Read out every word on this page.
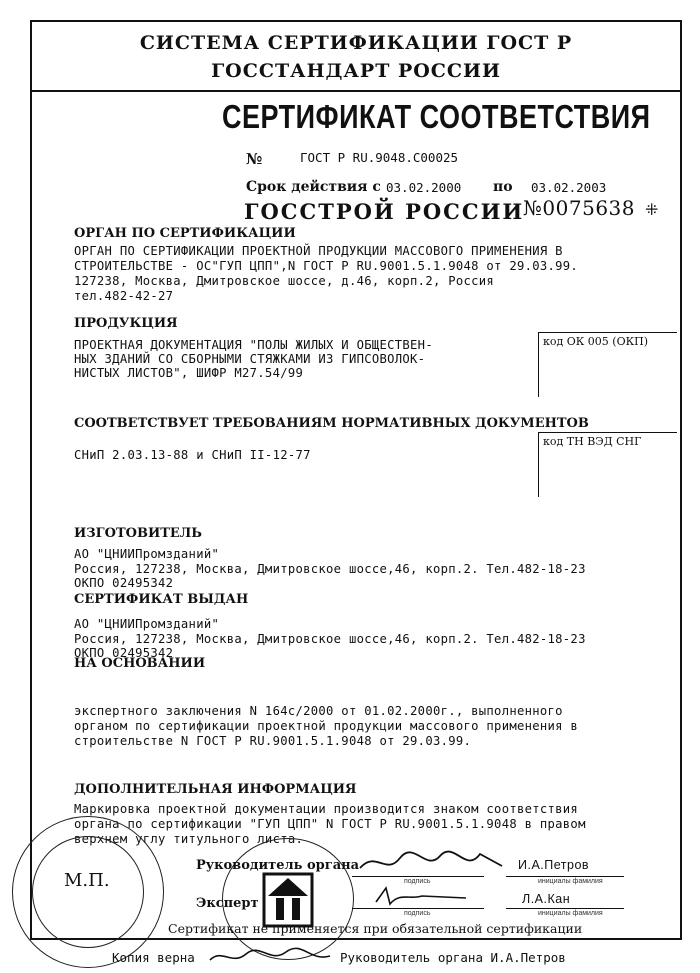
СИСТЕМА СЕРТИФИКАЦИИ ГОСТ Р
ГОССТАНДАРТ РОССИИ
СЕРТИФИКАТ СООТВЕТСТВИЯ
№	ГОСТ Р RU.9048.С00025
Срок действия с 03.02.2000 по 03.02.2003
ГОССТРОЙ РОССИИ
№0075638 ⁜
ОРГАН ПО СЕРТИФИКАЦИИ
ОРГАН ПО СЕРТИФИКАЦИИ ПРОЕКТНОЙ ПРОДУКЦИИ МАССОВОГО ПРИМЕНЕНИЯ В
СТРОИТЕЛЬСТВЕ - ОС"ГУП ЦПП",N ГОСТ Р RU.9001.5.1.9048 от 29.03.99.
127238, Москва, Дмитровское шоссе, д.46, корп.2, Россия
тел.482-42-27
ПРОДУКЦИЯ
ПРОЕКТНАЯ ДОКУМЕНТАЦИЯ "ПОЛЫ ЖИЛЫХ И ОБЩЕСТВЕН-
НЫХ ЗДАНИЙ СО СБОРНЫМИ СТЯЖКАМИ ИЗ ГИПСОВОЛОК-
НИСТЫХ ЛИСТОВ", ШИФР М27.54/99
код ОК 005 (ОКП)
СООТВЕТСТВУЕТ ТРЕБОВАНИЯМ НОРМАТИВНЫХ ДОКУМЕНТОВ
СНиП 2.03.13-88 и СНиП II-12-77
код ТН ВЭД СНГ
ИЗГОТОВИТЕЛЬ
АО "ЦНИИПромзданий"
Россия, 127238, Москва, Дмитровское шоссе,46, корп.2. Тел.482-18-23
ОКПО 02495342
СЕРТИФИКАТ ВЫДАН
АО "ЦНИИПромзданий"
Россия, 127238, Москва, Дмитровское шоссе,46, корп.2. Тел.482-18-23
ОКПО 02495342
НА ОСНОВАНИИ
экспертного заключения N 164с/2000 от 01.02.2000г., выполненного
органом по сертификации проектной продукции массового применения в
строительстве N ГОСТ Р RU.9001.5.1.9048 от 29.03.99.
ДОПОЛНИТЕЛЬНАЯ ИНФОРМАЦИЯ
Маркировка проектной документации производится знаком соответствия
органа по сертификации "ГУП ЦПП" N ГОСТ Р RU.9001.5.1.9048 в правом
верхнем углу титульного листа.
М.П.
Руководитель органа
подпись
И.А.Петров
инициалы фамилия
Эксперт
подпись
Л.А.Кан
инициалы фамилия
Сертификат не применяется при обязательной сертификации
Копия верна	Руководитель органа И.А.Петров
